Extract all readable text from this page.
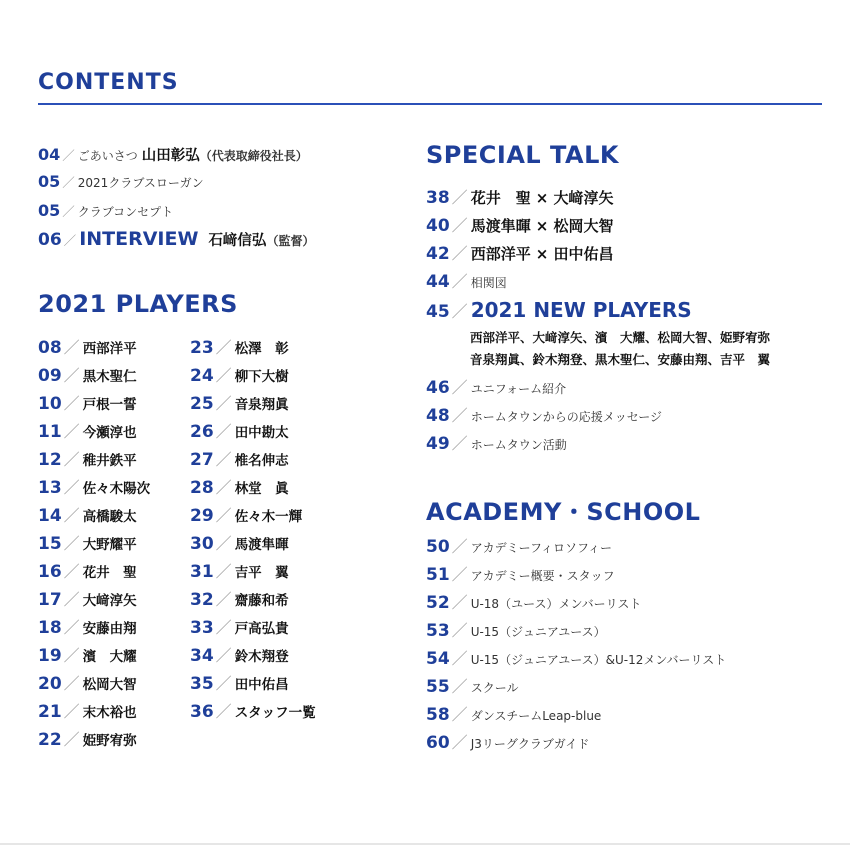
CONTENTS
04 ／ ごあいさつ 山田彰弘（代表取締役社長）
05 ／ 2021クラブスローガン
05 ／ クラブコンセプト
06 ／ INTERVIEW 石﨑信弘（監督）
2021 PLAYERS
08 ／ 西部洋平
09 ／ 黒木聖仁
10 ／ 戸根一誓
11 ／ 今瀬淳也
12 ／ 稚井鉄平
13 ／ 佐々木陽次
14 ／ 高橋駿太
15 ／ 大野耀平
16 ／ 花井　聖
17 ／ 大﨑淳矢
18 ／ 安藤由翔
19 ／ 濱　大耀
20 ／ 松岡大智
21 ／ 末木裕也
22 ／ 姫野宥弥
23 ／ 松澤　彰
24 ／ 柳下大樹
25 ／ 音泉翔眞
26 ／ 田中勘太
27 ／ 椎名伸志
28 ／ 林堂　眞
29 ／ 佐々木一輝
30 ／ 馬渡隼暉
31 ／ 吉平　翼
32 ／ 齋藤和希
33 ／ 戸高弘貴
34 ／ 鈴木翔登
35 ／ 田中佑昌
36 ／ スタッフ一覧
SPECIAL TALK
38 ／ 花井　聖 × 大﨑淳矢
40 ／ 馬渡隼暉 × 松岡大智
42 ／ 西部洋平 × 田中佑昌
44 ／ 相関図
45 ／ 2021 NEW PLAYERS
西部洋平、大﨑淳矢、濱　大耀、松岡大智、姫野宥弥
音泉翔眞、鈴木翔登、黒木聖仁、安藤由翔、吉平　翼
46 ／ ユニフォーム紹介
48 ／ ホームタウンからの応援メッセージ
49 ／ ホームタウン活動
ACADEMY・SCHOOL
50 ／ アカデミーフィロソフィー
51 ／ アカデミー概要・スタッフ
52 ／ U-18（ユース）メンバーリスト
53 ／ U-15（ジュニアユース）
54 ／ U-15（ジュニアユース）&U-12メンバーリスト
55 ／ スクール
58 ／ ダンスチームLeap-blue
60 ／ J3リーグクラブガイド
